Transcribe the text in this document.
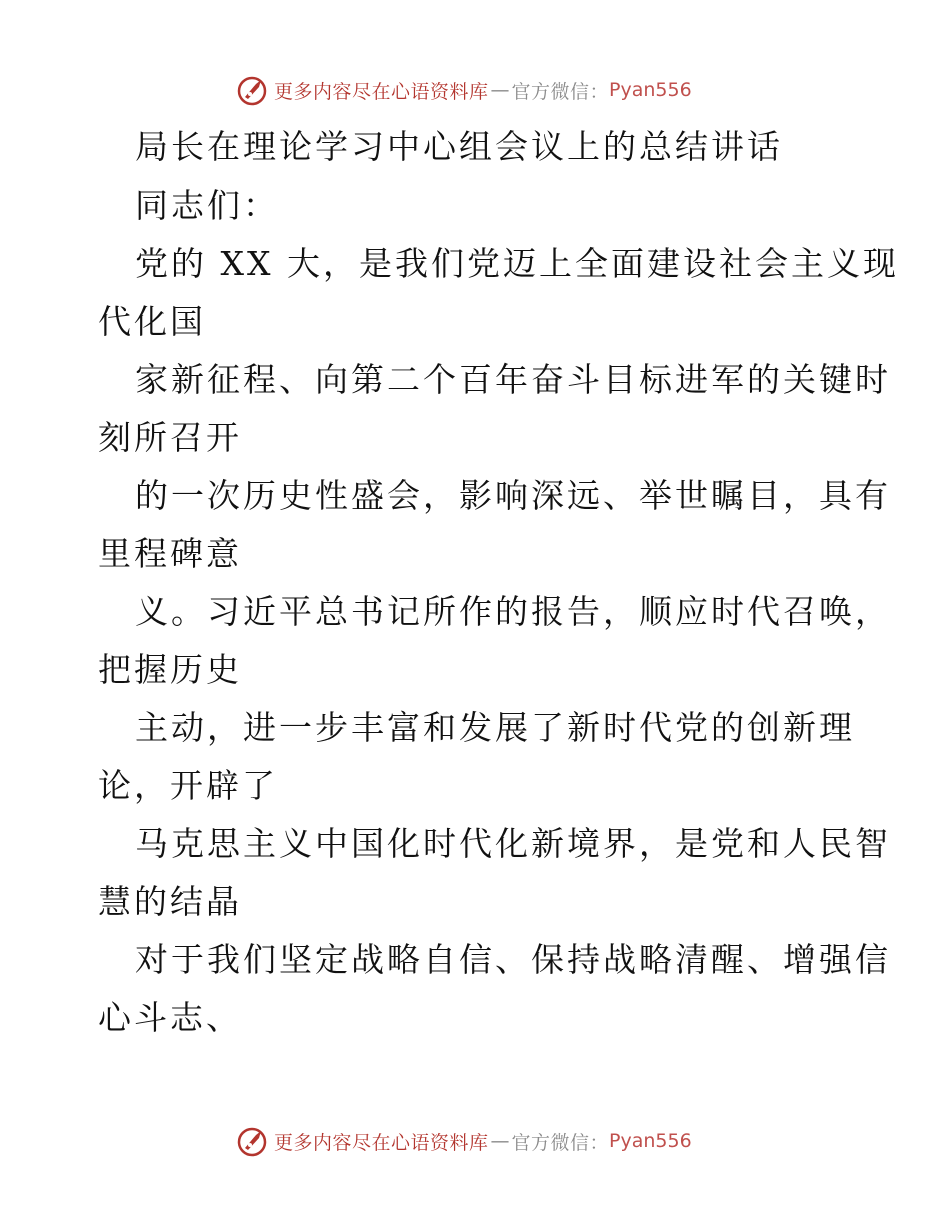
更多内容尽在心语资料库 — 官方微信： Pyan556
局长在理论学习中心组会议上的总结讲话
同志们：
党的 XX 大，是我们党迈上全面建设社会主义现
代化国
家新征程、向第二个百年奋斗目标进军的关键时
刻所召开
的一次历史性盛会，影响深远、举世瞩目，具有
里程碑意
义。习近平总书记所作的报告，顺应时代召唤，
把握历史
主动，进一步丰富和发展了新时代党的创新理
论，开辟了
马克思主义中国化时代化新境界，是党和人民智
慧的结晶
对于我们坚定战略自信、保持战略清醒、增强信
心斗志、
更多内容尽在心语资料库 — 官方微信： Pyan556
